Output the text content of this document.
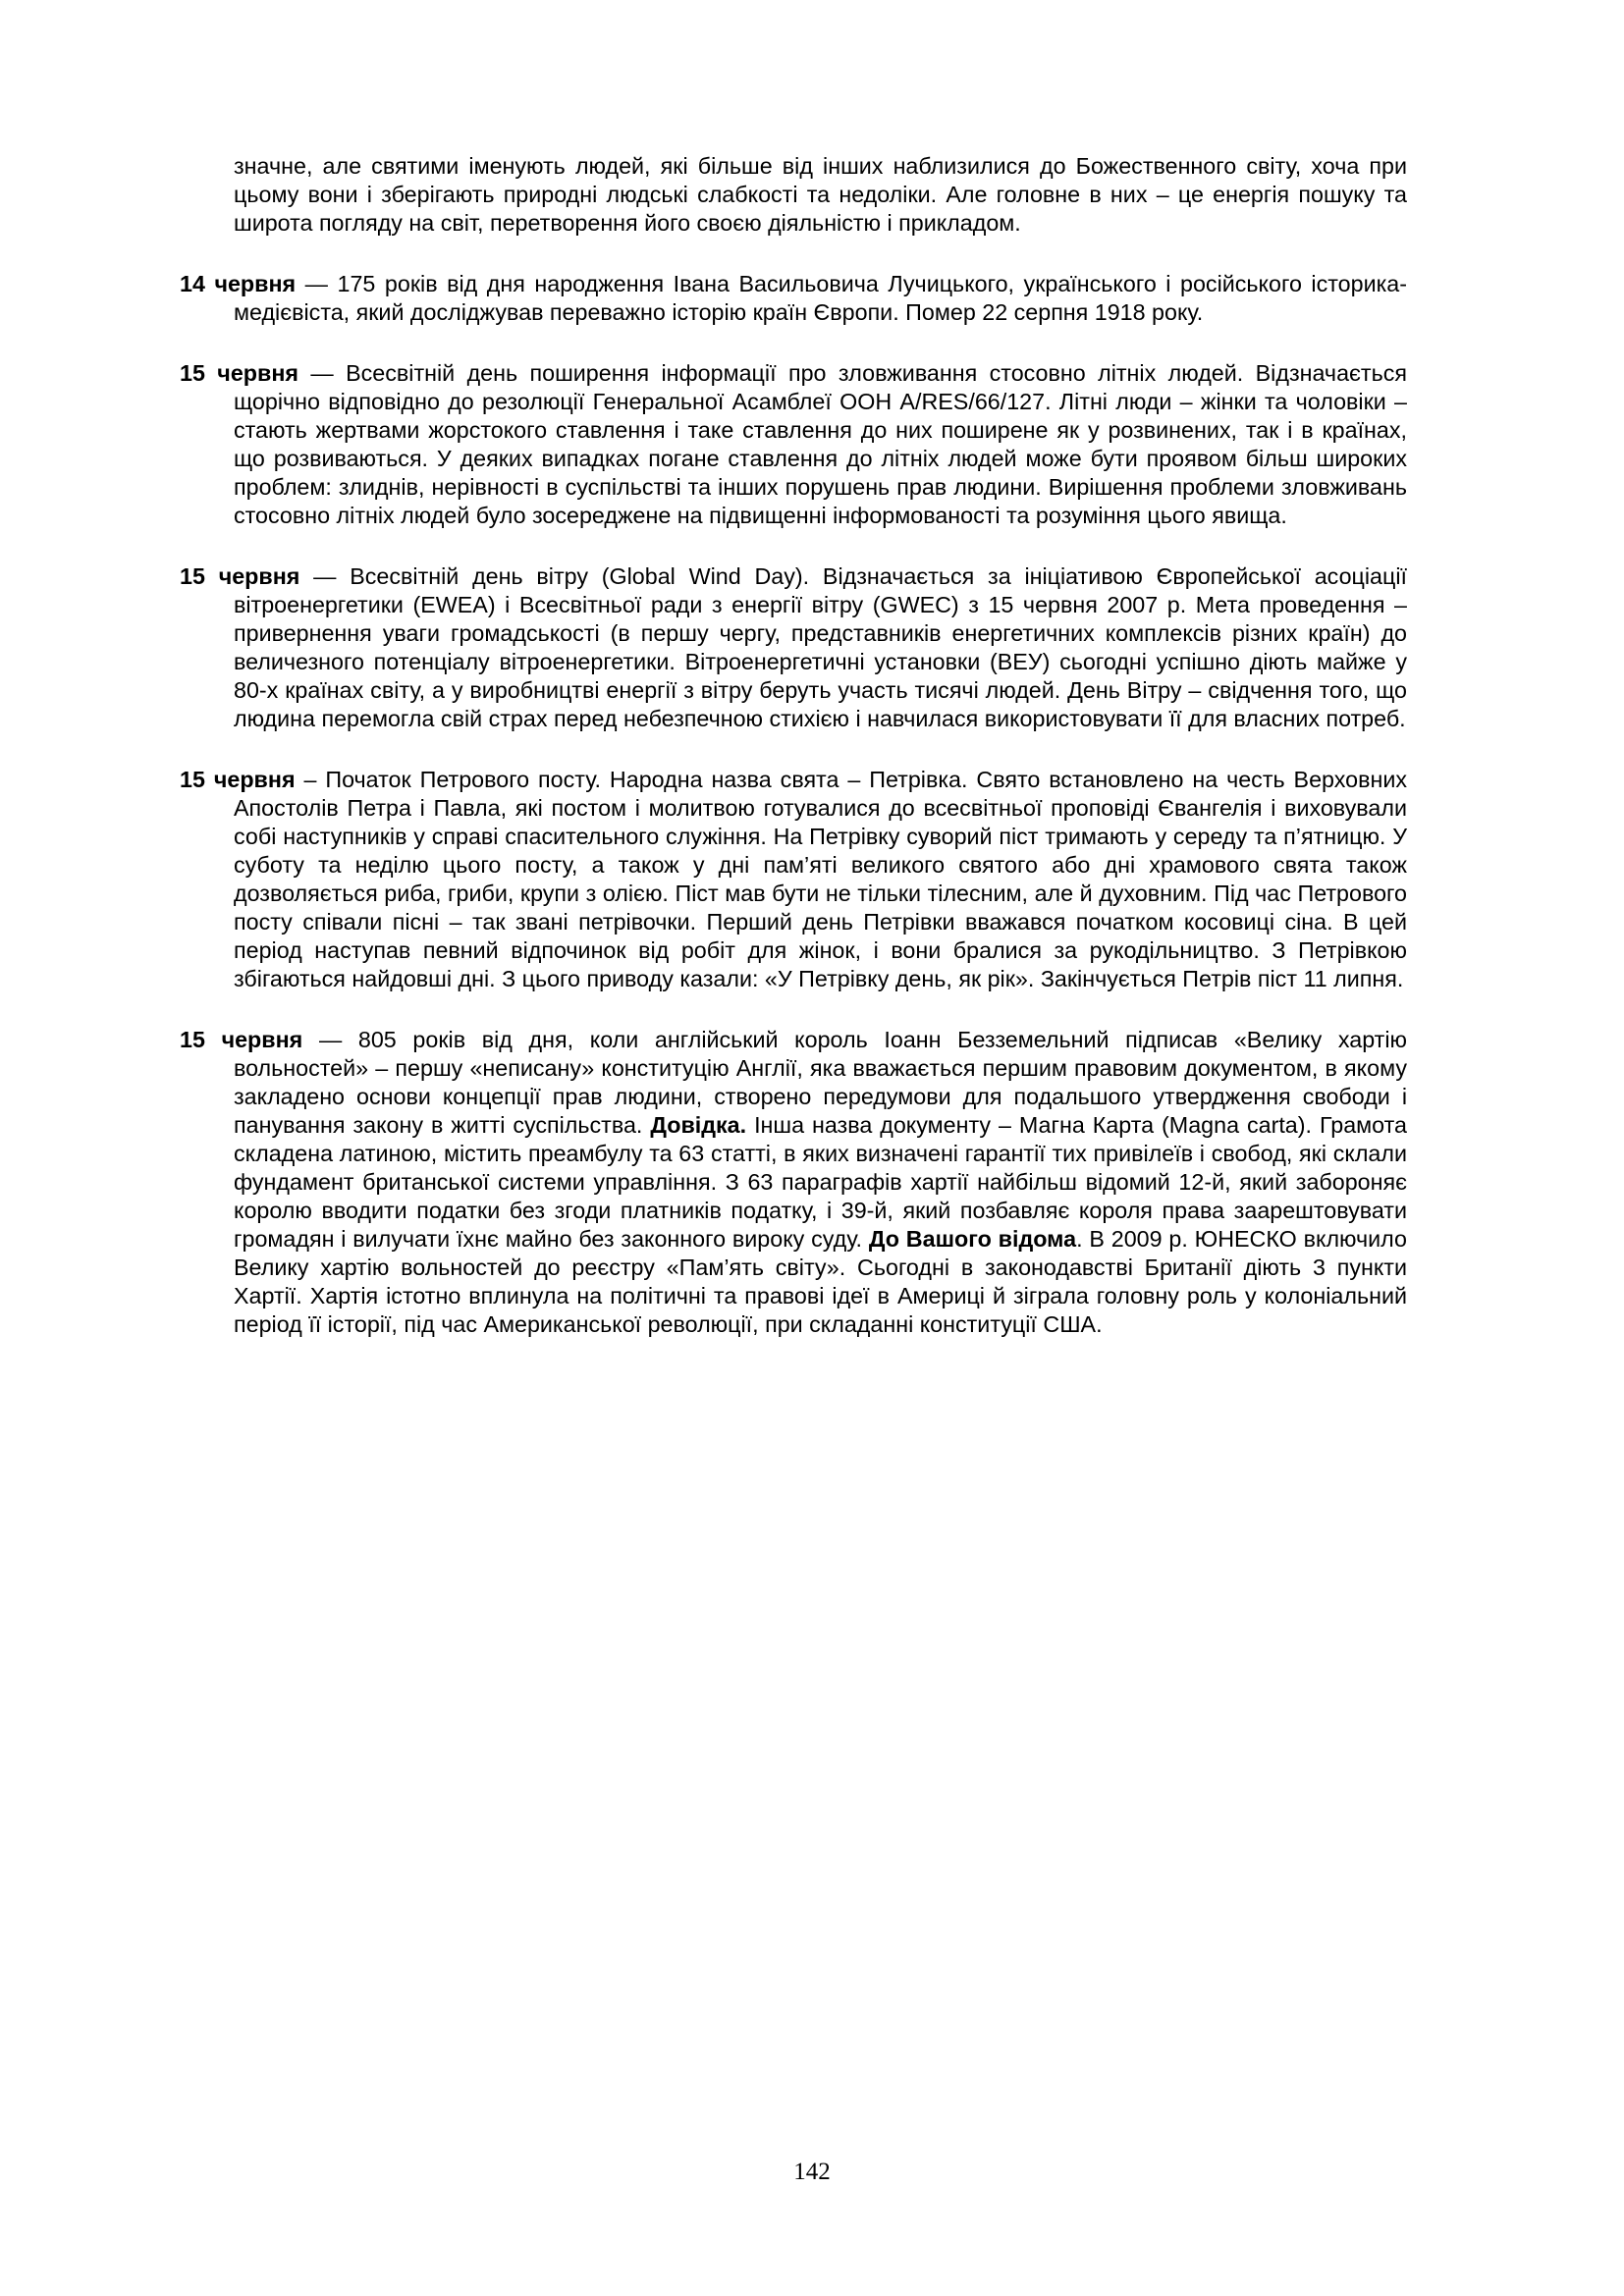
значне, але святими іменують людей, які більше від інших наблизилися до Божественного світу, хоча при цьому вони і зберігають природні людські слабкості та недоліки. Але головне в них – це енергія пошуку та широта погляду на світ, перетворення його своєю діяльністю і прикладом.

14 червня — 175 років від дня народження Івана Васильовича Лучицького, українського і російського історика-медієвіста, який досліджував переважно історію країн Європи. Помер 22 серпня 1918 року.

15 червня — Всесвітній день поширення інформації про зловживання стосовно літніх людей. Відзначається щорічно відповідно до резолюції Генеральної Асамблеї ООН A/RES/66/127. Літні люди – жінки та чоловіки – стають жертвами жорстокого ставлення і таке ставлення до них поширене як у розвинених, так і в країнах, що розвиваються. У деяких випадках погане ставлення до літніх людей може бути проявом більш широких проблем: злиднів, нерівності в суспільстві та інших порушень прав людини. Вирішення проблеми зловживань стосовно літніх людей було зосереджене на підвищенні інформованості та розуміння цього явища.

15 червня — Всесвітній день вітру (Global Wind Day). Відзначається за ініціативою Європейської асоціації вітроенергетики (EWEA) і Всесвітньої ради з енергії вітру (GWEC) з 15 червня 2007 р. Мета проведення – привернення уваги громадськості (в першу чергу, представників енергетичних комплексів різних країн) до величезного потенціалу вітроенергетики. Вітроенергетичні установки (ВЕУ) сьогодні успішно діють майже у 80-х країнах світу, а у виробництві енергії з вітру беруть участь тисячі людей. День Вітру – свідчення того, що людина перемогла свій страх перед небезпечною стихією і навчилася використовувати її для власних потреб.

15 червня – Початок Петрового посту. Народна назва свята – Петрівка. Свято встановлено на честь Верховних Апостолів Петра і Павла, які постом і молитвою готувалися до всесвітньої проповіді Євангелія і виховували собі наступників у справі спасительного служіння. На Петрівку суворий піст тримають у середу та п’ятницю. У суботу та неділю цього посту, а також у дні пам’яті великого святого або дні храмового свята також дозволяється риба, гриби, крупи з олією. Піст мав бути не тільки тілесним, але й духовним. Під час Петрового посту співали пісні – так звані петрівочки. Перший день Петрівки вважався початком косовиці сіна. В цей період наступав певний відпочинок від робіт для жінок, і вони бралися за рукодільництво. З Петрівкою збігаються найдовші дні. З цього приводу казали: «У Петрівку день, як рік». Закінчується Петрів піст 11 липня.

15 червня — 805 років від дня, коли англійський король Іоанн Безземельний підписав «Велику хартію вольностей» – першу «неписану» конституцію Англії, яка вважається першим правовим документом, в якому закладено основи концепції прав людини, створено передумови для подальшого утвердження свободи і панування закону в житті суспільства. Довідка. Інша назва документу – Магна Карта (Magna carta). Грамота складена латиною, містить преамбулу та 63 статті, в яких визначені гарантії тих привілеїв і свобод, які склали фундамент британської системи управління. З 63 параграфів хартії найбільш відомий 12-й, який забороняє королю вводити податки без згоди платників податку, і 39-й, який позбавляє короля права заарештовувати громадян і вилучати їхнє майно без законного вироку суду. До Вашого відома. В 2009 р. ЮНЕСКО включило Велику хартію вольностей до реєстру «Пам’ять світу». Сьогодні в законодавстві Британії діють 3 пункти Хартії. Хартія істотно вплинула на політичні та правові ідеї в Америці й зіграла головну роль у колоніальний період її історії, під час Американської революції, при складанні конституції США.

142
